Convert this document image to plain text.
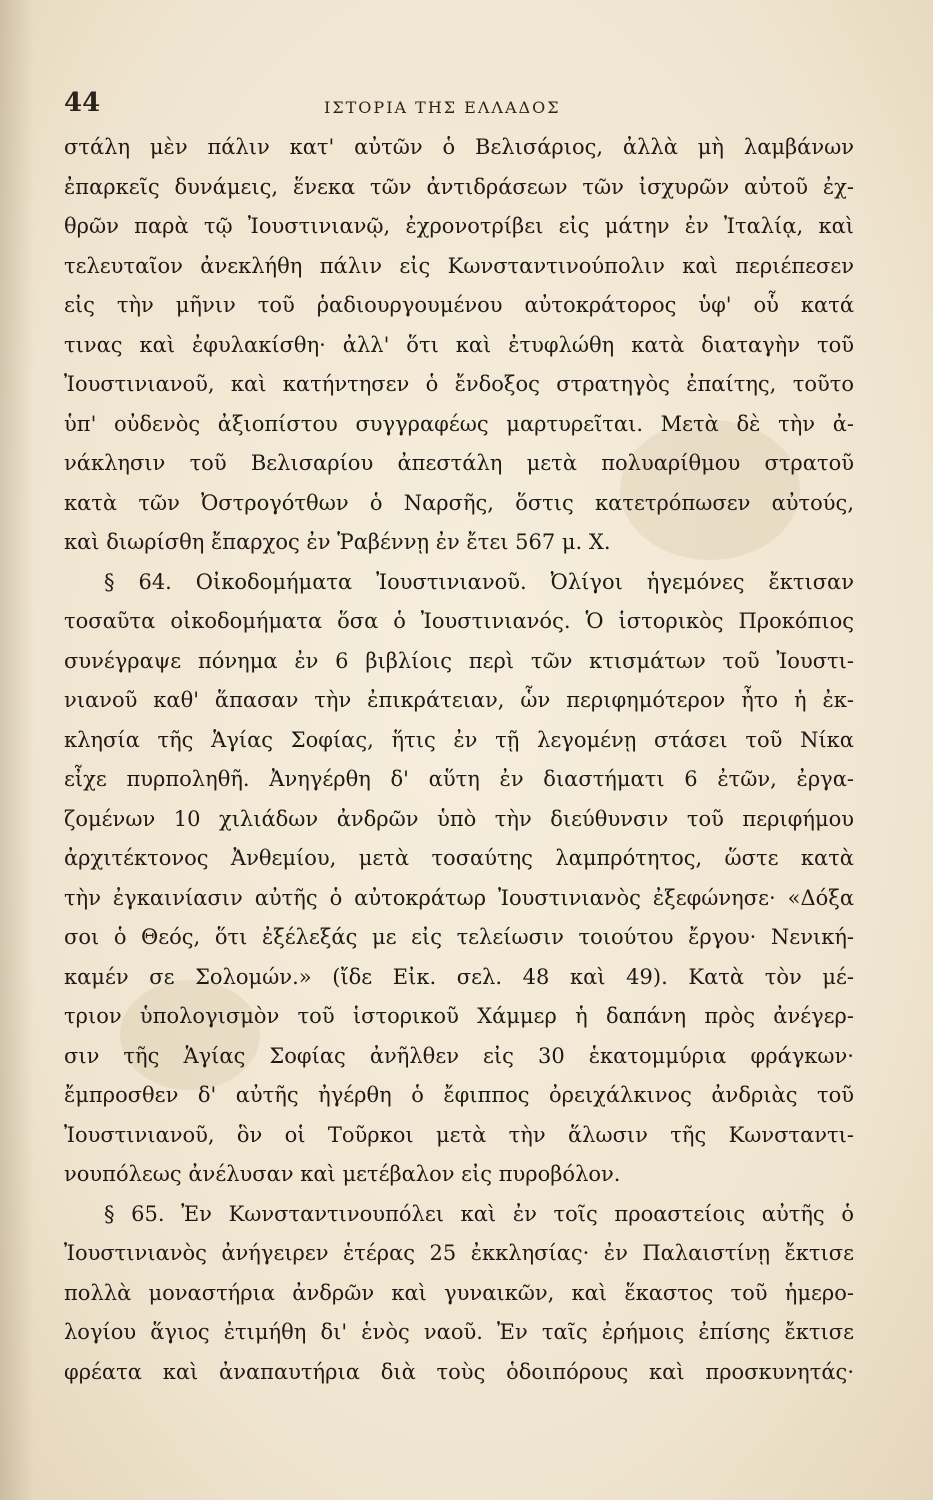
44	ΙΣΤΟΡΙΑ ΤΗΣ ΕΛΛΑΔΟΣ
στάλη μὲν πάλιν κατ' αὐτῶν ὁ Βελισάριος, ἀλλὰ μὴ λαμβάνων
ἐπαρκεῖς δυνάμεις, ἕνεκα τῶν ἀντιδράσεων τῶν ἰσχυρῶν αὐτοῦ ἐχ-
θρῶν παρὰ τῷ Ἰουστινιανῷ, ἐχρονοτρίβει εἰς μάτην ἐν Ἰταλίᾳ, καὶ
τελευταῖον ἀνεκλήθη πάλιν εἰς Κωνσταντινούπολιν καὶ περιέπεσεν
εἰς τὴν μῆνιν τοῦ ῥαδιουργουμένου αὐτοκράτορος ὑφ' οὗ κατά
τινας καὶ ἐφυλακίσθη· ἀλλ' ὅτι καὶ ἐτυφλώθη κατὰ διαταγὴν τοῦ
Ἰουστινιανοῦ, καὶ κατήντησεν ὁ ἔνδοξος στρατηγὸς ἐπαίτης, τοῦτο
ὑπ' οὐδενὸς ἀξιοπίστου συγγραφέως μαρτυρεῖται. Μετὰ δὲ τὴν ἀ-
νάκλησιν τοῦ Βελισαρίου ἀπεστάλη μετὰ πολυαρίθμου στρατοῦ
κατὰ τῶν Ὀστρογότθων ὁ Ναρσῆς, ὅστις κατετρόπωσεν αὐτούς,
καὶ διωρίσθη ἔπαρχος ἐν Ῥαβέννῃ ἐν ἔτει 567 μ. Χ.
§ 64. Οἰκοδομήματα Ἰουστινιανοῦ. Ὀλίγοι ἡγεμόνες ἔκτισαν
τοσαῦτα οἰκοδομήματα ὅσα ὁ Ἰουστινιανός. Ὁ ἱστορικὸς Προκόπιος
συνέγραψε πόνημα ἐν 6 βιβλίοις περὶ τῶν κτισμάτων τοῦ Ἰουστι-
νιανοῦ καθ' ἅπασαν τὴν ἐπικράτειαν, ὧν περιφημότερον ἦτο ἡ ἐκ-
κλησία τῆς Ἁγίας Σοφίας, ἥτις ἐν τῇ λεγομένῃ στάσει τοῦ Νίκα
εἶχε πυρποληθῆ. Ἀνηγέρθη δ' αὕτη ἐν διαστήματι 6 ἐτῶν, ἐργα-
ζομένων 10 χιλιάδων ἀνδρῶν ὑπὸ τὴν διεύθυνσιν τοῦ περιφήμου
ἀρχιτέκτονος Ἀνθεμίου, μετὰ τοσαύτης λαμπρότητος, ὥστε κατὰ
τὴν ἐγκαινίασιν αὐτῆς ὁ αὐτοκράτωρ Ἰουστινιανὸς ἐξεφώνησε· «Δόξα
σοι ὁ Θεός, ὅτι ἐξέλεξάς με εἰς τελείωσιν τοιούτου ἔργου· Νενική-
καμέν σε Σολομών.» (ἴδε Εἰκ. σελ. 48 καὶ 49). Κατὰ τὸν μέ-
τριον ὑπολογισμὸν τοῦ ἱστορικοῦ Χάμμερ ἡ δαπάνη πρὸς ἀνέγερ-
σιν τῆς Ἁγίας Σοφίας ἀνῆλθεν εἰς 30 ἑκατομμύρια φράγκων·
ἔμπροσθεν δ' αὐτῆς ἠγέρθη ὁ ἔφιππος ὀρειχάλκινος ἀνδριὰς τοῦ
Ἰουστινιανοῦ, ὃν οἱ Τοῦρκοι μετὰ τὴν ἅλωσιν τῆς Κωνσταντι-
νουπόλεως ἀνέλυσαν καὶ μετέβαλον εἰς πυροβόλον.
§ 65. Ἐν Κωνσταντινουπόλει καὶ ἐν τοῖς προαστείοις αὐτῆς ὁ
Ἰουστινιανὸς ἀνήγειρεν ἑτέρας 25 ἐκκλησίας· ἐν Παλαιστίνῃ ἔκτισε
πολλὰ μοναστήρια ἀνδρῶν καὶ γυναικῶν, καὶ ἕκαστος τοῦ ἡμερο-
λογίου ἅγιος ἐτιμήθη δι' ἑνὸς ναοῦ. Ἐν ταῖς ἐρήμοις ἐπίσης ἔκτισε
φρέατα καὶ ἀναπαυτήρια διὰ τοὺς ὁδοιπόρους καὶ προσκυνητάς·
